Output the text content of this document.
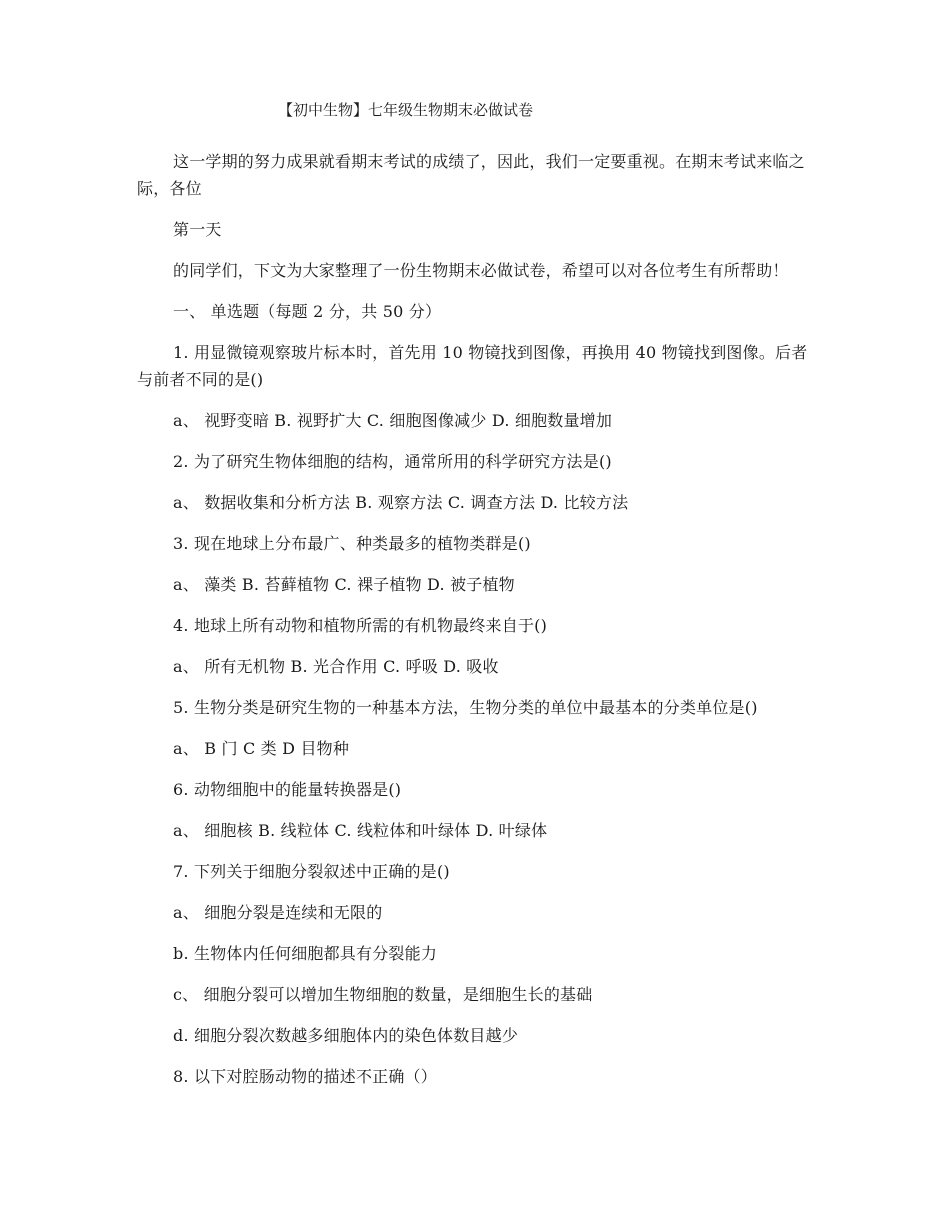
【初中生物】七年级生物期末必做试卷

这一学期的努力成果就看期末考试的成绩了，因此，我们一定要重视。在期末考试来临之际，各位

第一天

的同学们，下文为大家整理了一份生物期末必做试卷，希望可以对各位考生有所帮助！

一、 单选题（每题 2 分，共 50 分）

1. 用显微镜观察玻片标本时，首先用 10 物镜找到图像，再换用 40 物镜找到图像。后者与前者不同的是()

a、 视野变暗 B. 视野扩大 C. 细胞图像减少 D. 细胞数量增加

2. 为了研究生物体细胞的结构，通常所用的科学研究方法是()

a、 数据收集和分析方法 B. 观察方法 C. 调查方法 D. 比较方法

3. 现在地球上分布最广、种类最多的植物类群是()

a、 藻类 B. 苔藓植物 C. 裸子植物 D. 被子植物

4. 地球上所有动物和植物所需的有机物最终来自于()

a、 所有无机物 B. 光合作用 C. 呼吸 D. 吸收

5. 生物分类是研究生物的一种基本方法，生物分类的单位中最基本的分类单位是()

a、 B 门 C 类 D 目物种

6. 动物细胞中的能量转换器是()

a、 细胞核 B. 线粒体 C. 线粒体和叶绿体 D. 叶绿体

7. 下列关于细胞分裂叙述中正确的是()

a、 细胞分裂是连续和无限的

b. 生物体内任何细胞都具有分裂能力

c、 细胞分裂可以增加生物细胞的数量，是细胞生长的基础

d. 细胞分裂次数越多细胞体内的染色体数目越少

8. 以下对腔肠动物的描述不正确（）
